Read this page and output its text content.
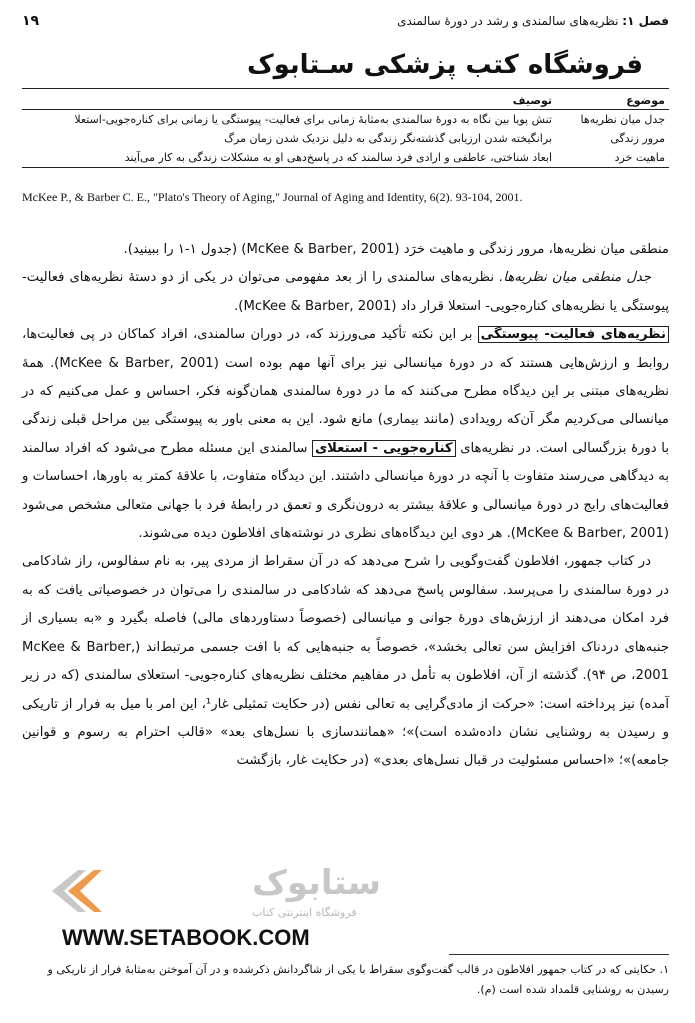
فصل ۱: نظریه‌های سالمندی و رشد در دورهٔ سالمندی
۱۹
فروشگاه کتب پزشکی سـتابوک
موضوع	توصیف
جدل میان نظریه‌ها	تنش پویا بین نگاه به دورهٔ سالمندی به‌مثابهٔ زمانی برای فعالیت- پیوستگی یا زمانی برای کناره‌جویی-استعلا
مرور زندگی	برانگیخته شدن ارزیابی گذشته‌نگر زندگی به دلیل نزدیک شدن زمان مرگ
ماهیت خرد	ابعاد شناختی، عاطفی و ارادی فرد سالمند که در پاسخ‌دهی او به مشکلات زندگی به کار می‌آیند
McKee P., & Barber C. E., "Plato's Theory of Aging," Journal of Aging and Identity, 6(2). 93-104, 2001.

منطقی میان نظریه‌ها، مرور زندگی و ماهیت خرَد (McKee & Barber, 2001) (جدول ۱-۱ را ببینید).

جدل منطقی میان نظریه‌ها. نظریه‌های سالمندی را از بعد مفهومی می‌توان در یکی از دو دستهٔ نظریه‌های فعالیت- پیوستگی یا نظریه‌های کناره‌جویی- استعلا قرار داد (McKee & Barber, 2001).

نظریه‌های فعالیت- پیوستگی بر این نکته تأکید می‌ورزند که، در دوران سالمندی، افراد کماکان در پی فعالیت‌ها، روابط و ارزش‌هایی هستند که در دورهٔ میانسالی نیز برای آنها مهم بوده است (McKee & Barber, 2001). همهٔ نظریه‌های مبتنی بر این دیدگاه مطرح می‌کنند که ما در دورهٔ سالمندی همان‌گونه فکر، احساس و عمل می‌کنیم که در میانسالی می‌کردیم مگر آن‌که رویدادی (مانند بیماری) مانع شود. این به معنی باور به پیوستگی بین مراحل قبلی زندگی با دورهٔ بزرگسالی است. در نظریه‌های کناره‌جویی - استعلای سالمندی این مسئله مطرح می‌شود که افراد سالمند به دیدگاهی می‌رسند متفاوت با آنچه در دورهٔ میانسالی داشتند. این دیدگاه متفاوت، با علاقهٔ کمتر به باورها، احساسات و فعالیت‌های رایج در دورهٔ میانسالی و علاقهٔ بیشتر به درون‌نگری و تعمق در رابطهٔ فرد با جهانی متعالی مشخص می‌شود (McKee & Barber, 2001). هر دوی این دیدگاه‌های نظری در نوشته‌های افلاطون دیده می‌شوند.

در کتاب جمهور، افلاطون گفت‌وگویی را شرح می‌دهد که در آن سقراط از مردی پیر، به نام سفالوس، راز شادکامی در دورهٔ سالمندی را می‌پرسد. سفالوس پاسخ می‌دهد که شادکامی در سالمندی را می‌توان در خصوصیاتی یافت که به فرد امکان می‌دهند از ارزش‌های دورهٔ جوانی و میانسالی (خصوصاً دستاوردهای مالی) فاصله بگیرد و «به بسیاری از جنبه‌های دردناک افزایش سن تعالی بخشد»، خصوصاً به جنبه‌هایی که با افت جسمی مرتبط‌اند (McKee & Barber, 2001، ص ۹۴). گذشته از آن، افلاطون به تأمل در مفاهیم مختلف نظریه‌های کناره‌جویی- استعلای سالمندی (که در زیر آمده) نیز پرداخته است: «حرکت از مادی‌گرایی به تعالی نفس (در حکایت تمثیلی غار¹، این امر با میل به فرار از تاریکی و رسیدن به روشنایی نشان داده‌شده است)»؛ «همانندسازی با نسل‌های بعد» «قالب احترام به رسوم و قوانین جامعه)»؛ «احساس مسئولیت در قبال نسل‌های بعدی» (در حکایت غار، بازگشت

ستابوک
فروشگاه اینترنتی کتاب
WWW.SETABOOK.COM
۱. حکایتی که در کتاب جمهور افلاطون در قالب گفت‌وگوی سقراط با یکی از شاگردانش ذکرشده و در آن آموختن به‌مثابهٔ فرار از تاریکی و رسیدن به روشنایی قلمداد شده است (م).
